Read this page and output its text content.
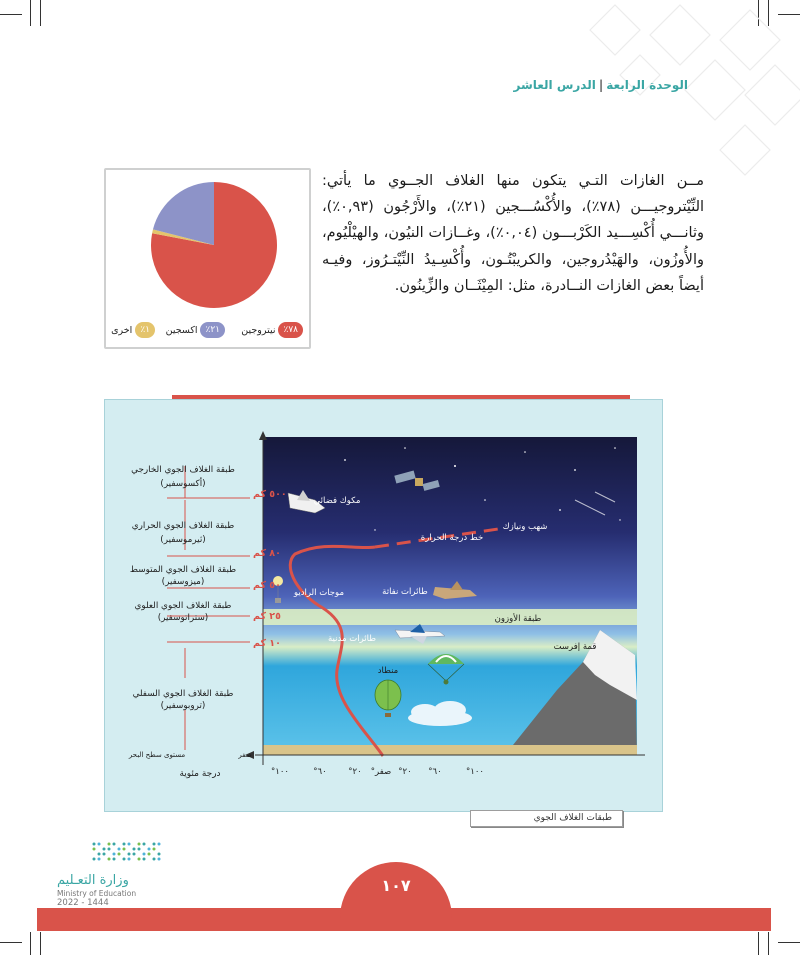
الوحدة الرابعة|الدرس العاشر
مــن الغازات التـي يتكون منها الغلاف الجــوي ما يأتي: النِّيْتروجيـــن (٧٨٪)، والأُكْسُـــجين (٢١٪)، والأَرْجُون (٠,٩٣٪)، وثانـــي أُكْسِـــيد الكَرْبـــون (٠,٠٤٪)، وغــازات النيُون، والهيْلْيُوم، والأُوزُون، والهَيْدُروجين، والكريبْتُـون، وأُكْسِـيدُ النِّيْتـرُوز، وفيـه أيضاً بعض الغازات النــادرة، مثل: المِيْثَــان والزِّينُون.
٧٨٪
نيتروجين
٢١٪
اكسجين
١٪
اخرى
طبقة الغلاف الجوي الخارجي
(أكسوسفير)
طبقة الغلاف الجوي الحراري
(ثيرموسفير)
طبقة الغلاف الجوي المتوسط
(ميزوسفير)
طبقة الغلاف الجوي العلوي
(ستراتوسفير)
طبقة الغلاف الجوي السفلي
(تروبوسفير)
مستوى سطح البحر	صفر
٥٠٠ كم
٨٠ كم
٥٠ كم
٢٥ كم
١٠ كم
مكوك فضائي
شهب ونيازك
خط درجة الحرارة
موجات الراديو	طائرات نفاثة
طبقة الأوزون
طائرات مدنية
قمة إفرست
منطاد
١٠٠°	٦٠°	٢٠° صفر° ٢٠° ٦٠°	١٠٠°
درجة مئوية
طبقات الغلاف الجوي
وزارة التعـليم
Ministry of Education
2022 - 1444
١٠٧
